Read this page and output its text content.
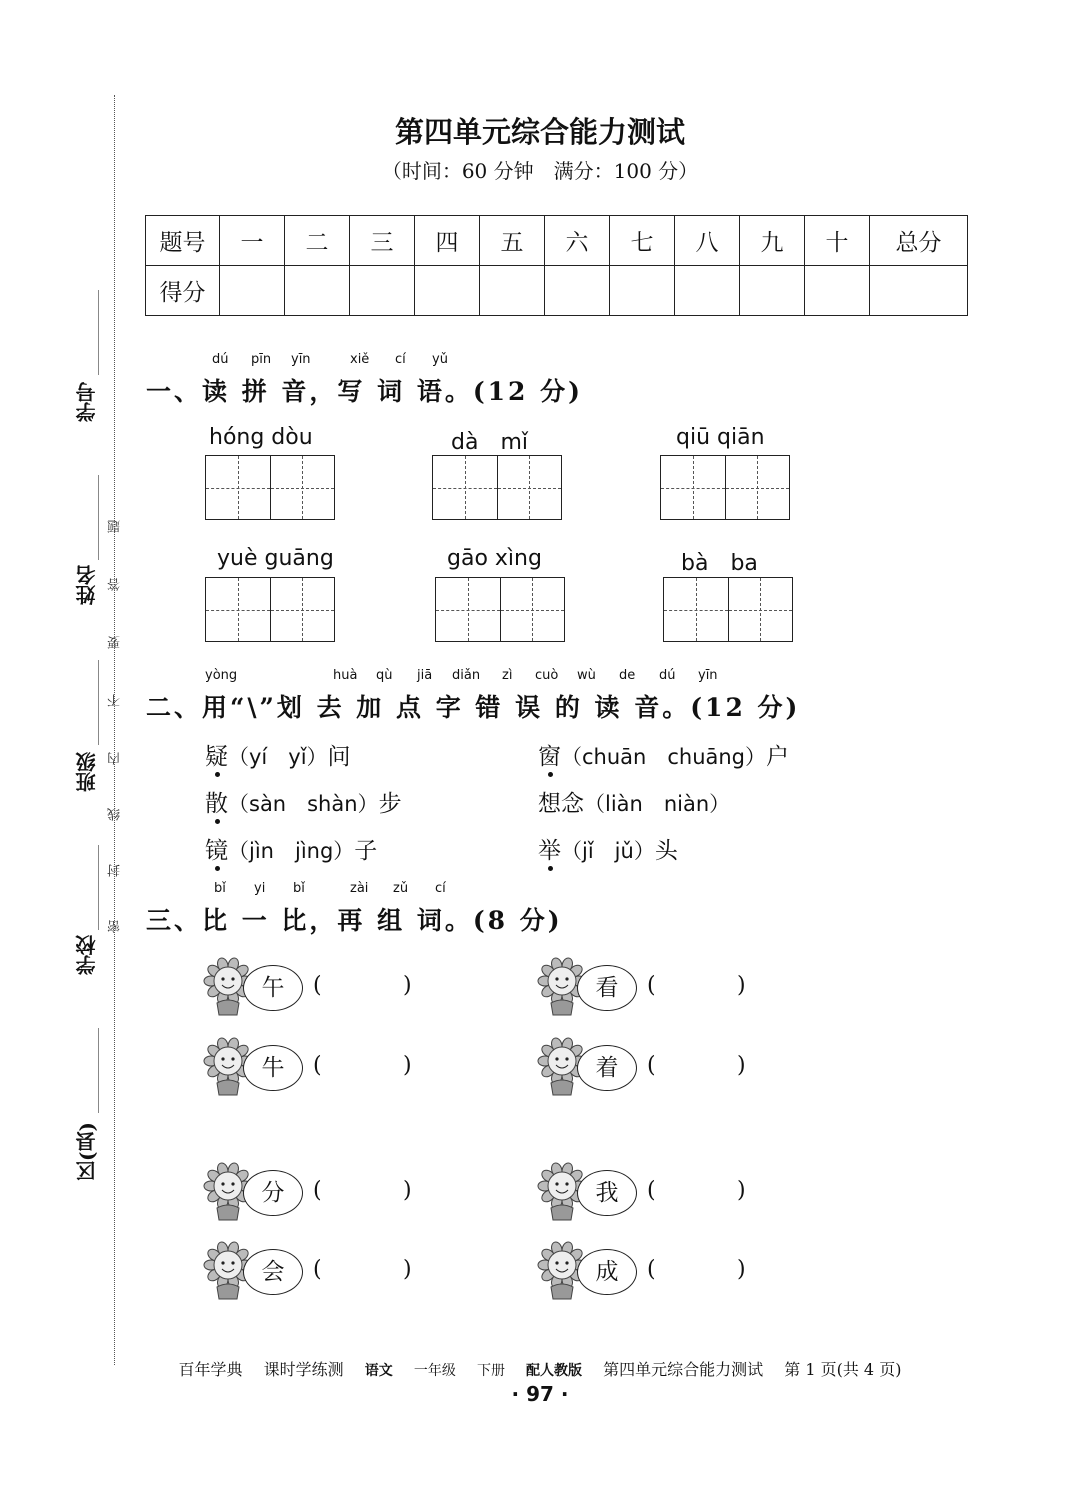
学号
姓名
班级
学校
区(县)
题
答
要
不
内
线
封
密
第四单元综合能力测试
（时间：60 分钟　满分：100 分）
题号	一	二	三	四	五	六	七	八	九	十	总分
得分											
dú pīn yīn	xiě cí yǔ
一、读 拼 音，写 词 语。(12 分)
hóng dòu	dà　mǐ	qiū qiān
yuè guāng	gāo xìng	bà　ba
yòng	huà qù jiā diǎn zì cuò wù de dú yīn
二、用“\”划 去 加 点 字 错 误 的 读 音。(12 分)
疑（yí　yǐ）问	窗（chuān　chuāng）户
散（sàn　shàn）步	想念（liàn　niàn）
镜（jìn　jìng）子	举（jǐ　jǔ）头
bǐ yi bǐ	zài zǔ cí
三、比 一 比，再 组 词。(8 分)
午	(	)	看	(	)
牛	(	)	着	(	)
分	(	)	我	(	)
会	(	)	成	(	)
百年学典 课时学练测 语文 一年级 下册 配人教版 第四单元综合能力测试 第 1 页(共 4 页)
· 97 ·
